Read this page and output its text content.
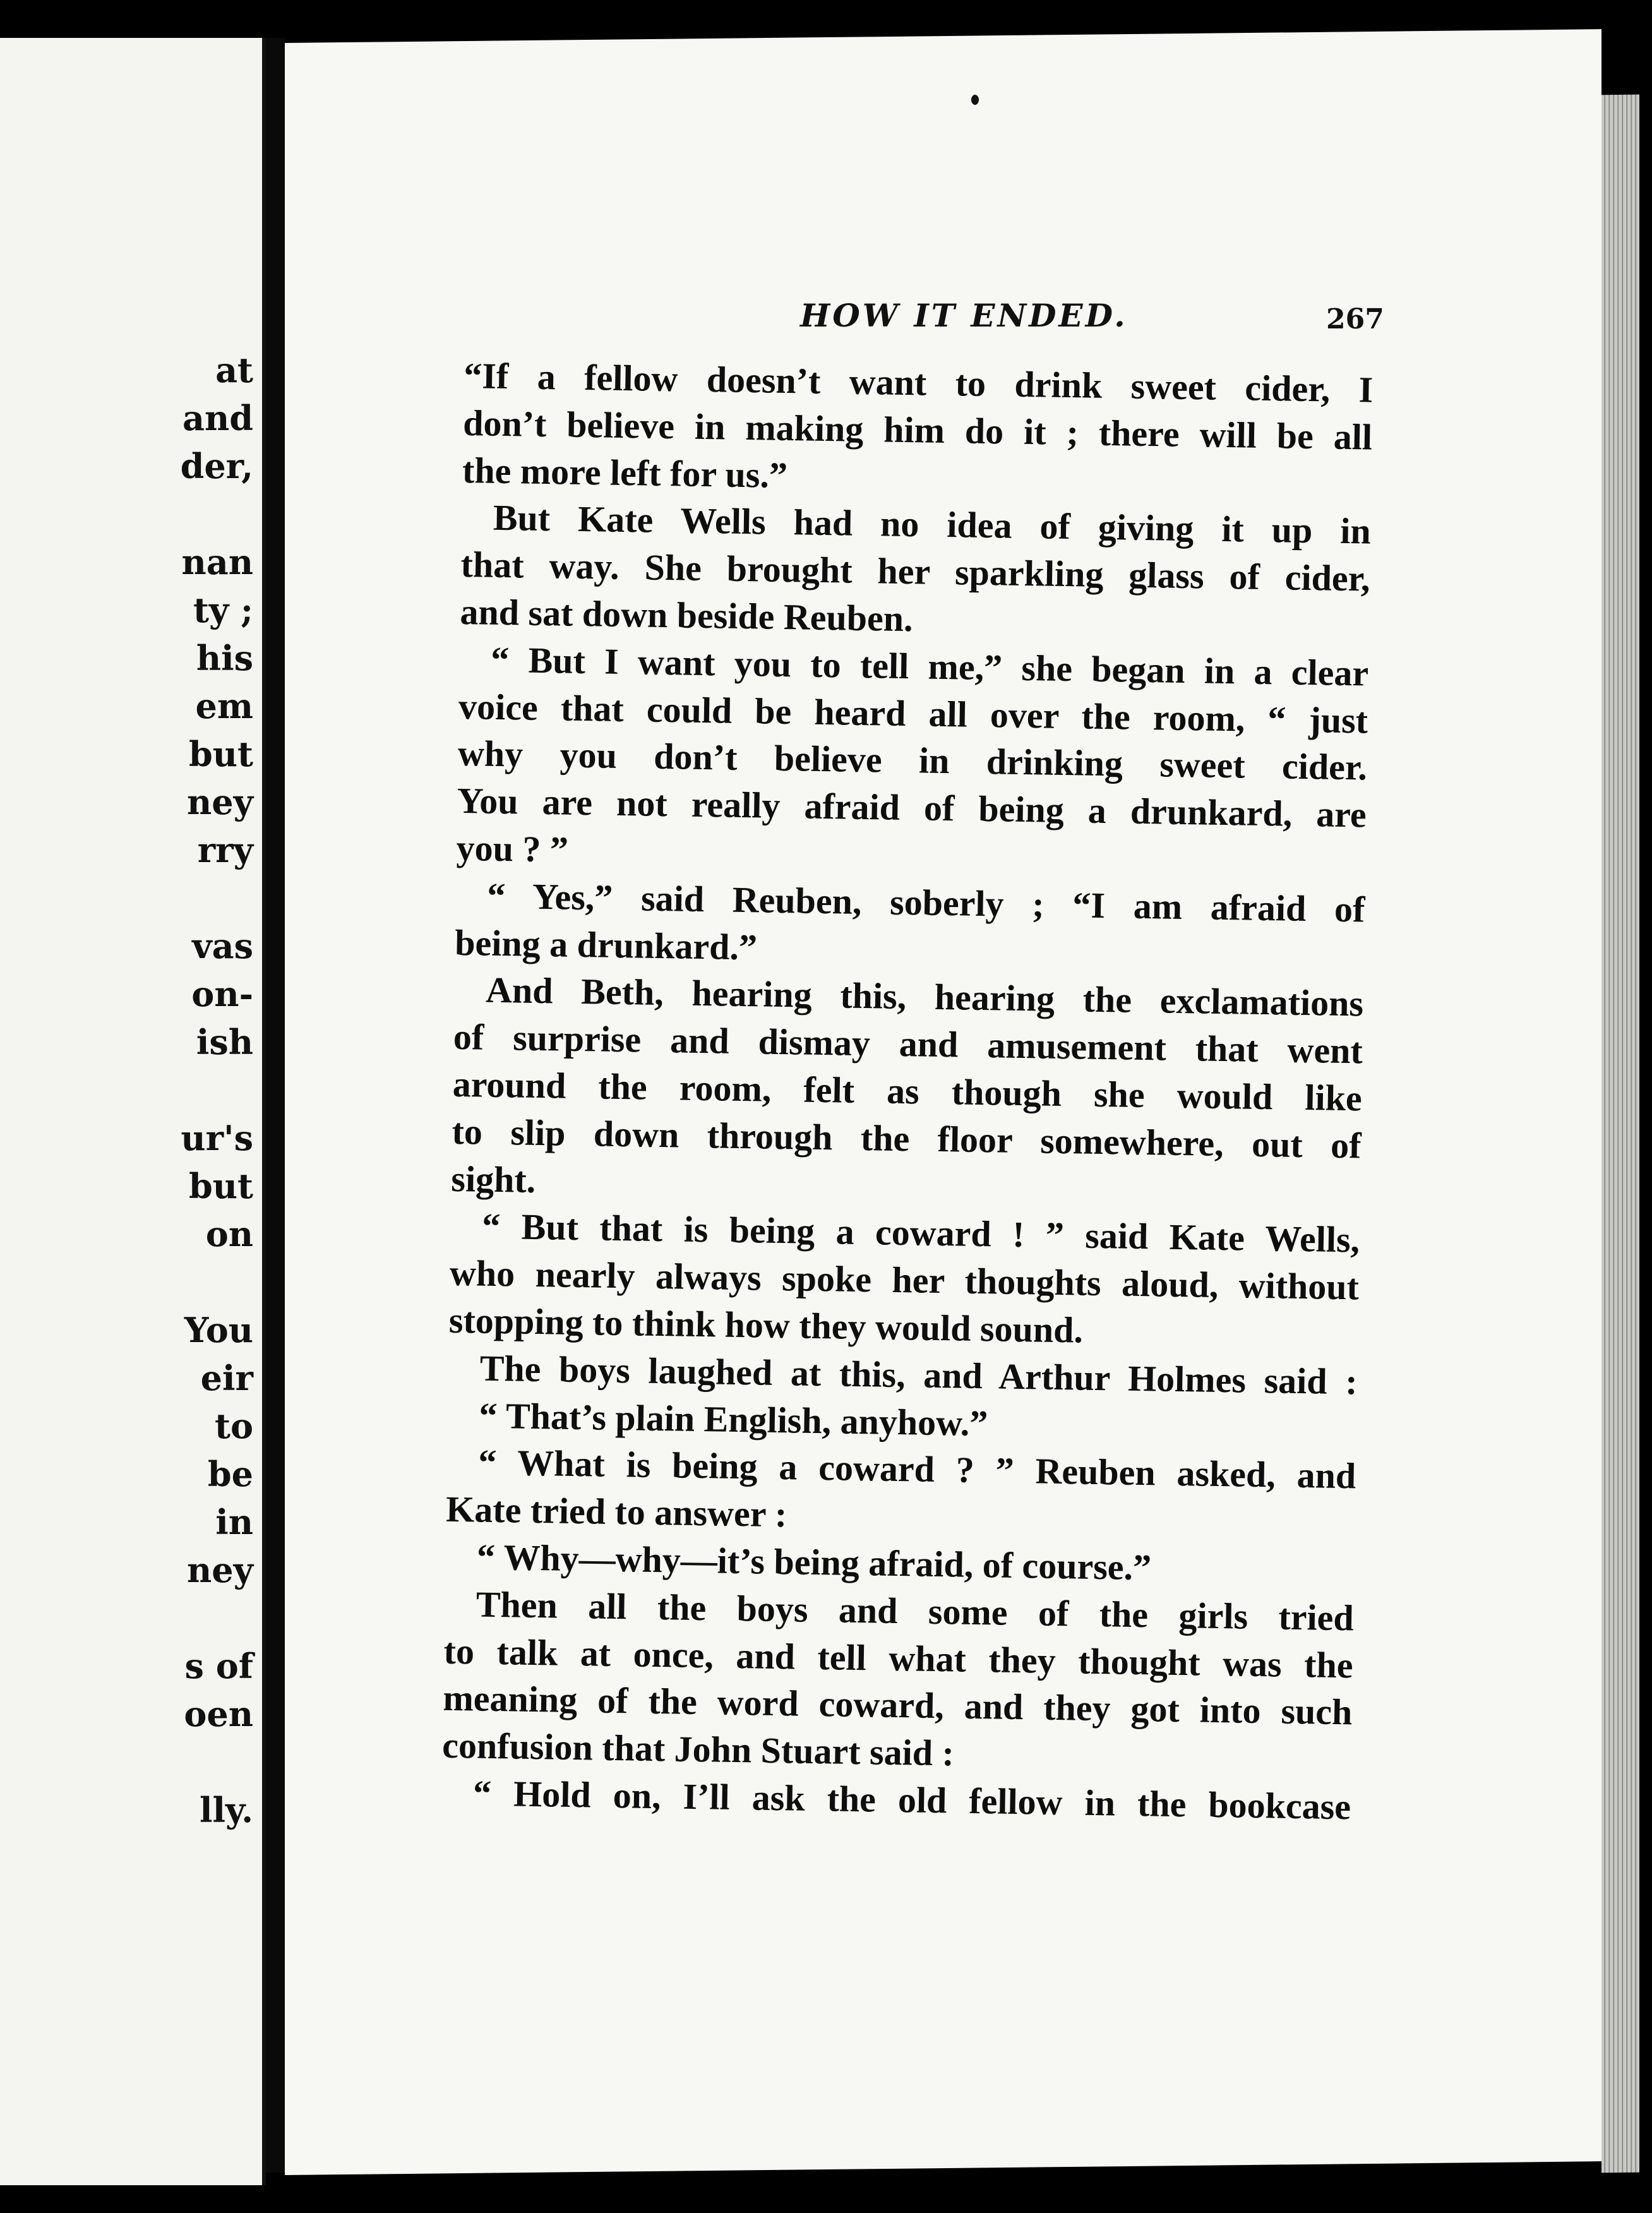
at
and
der,
nan
ty ;
his
em
but
ney
rry
vas
on-
ish
ur's
but
on
You
eir
to
be
in
ney
s of
oen
lly.
HOW IT ENDED.	267
“If a fellow doesn’t want to drink sweet cider, I
don’t believe in making him do it ; there will be all
the more left for us.”
But Kate Wells had no idea of giving it up in
that way. She brought her sparkling glass of cider,
and sat down beside Reuben.
“ But I want you to tell me,” she began in a clear
voice that could be heard all over the room, “ just
why you don’t believe in drinking sweet cider.
You are not really afraid of being a drunkard, are
you ? ”
“ Yes,” said Reuben, soberly ; “I am afraid of
being a drunkard.”
And Beth, hearing this, hearing the exclamations
of surprise and dismay and amusement that went
around the room, felt as though she would like
to slip down through the floor somewhere, out of
sight.
“ But that is being a coward ! ” said Kate Wells,
who nearly always spoke her thoughts aloud, without
stopping to think how they would sound.
The boys laughed at this, and Arthur Holmes said :
“ That’s plain English, anyhow.”
“ What is being a coward ? ” Reuben asked, and
Kate tried to answer :
“ Why—why—it’s being afraid, of course.”
Then all the boys and some of the girls tried
to talk at once, and tell what they thought was the
meaning of the word coward, and they got into such
confusion that John Stuart said :
“ Hold on, I’ll ask the old fellow in the bookcase
